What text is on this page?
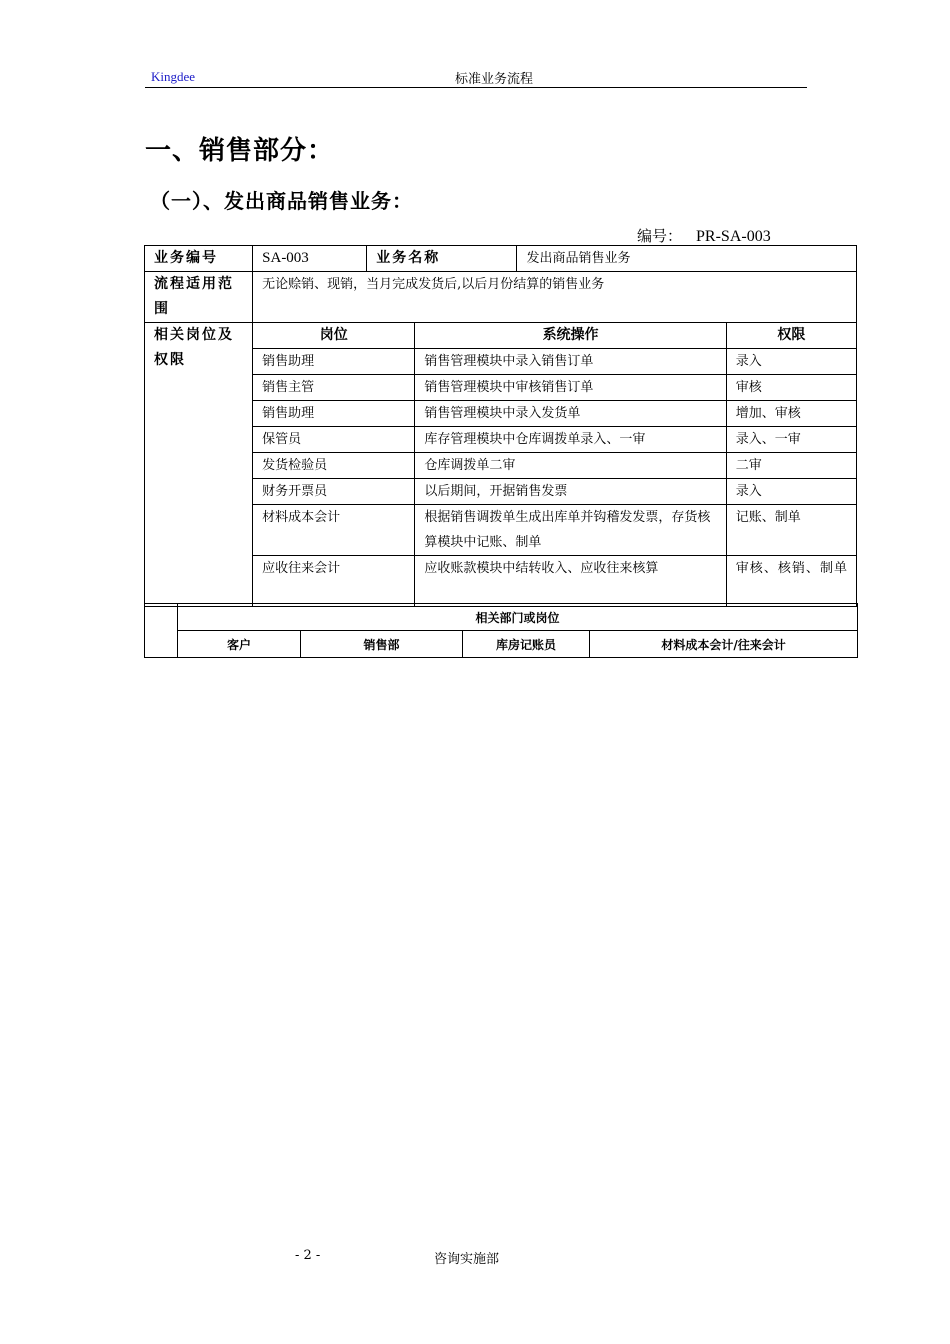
Kingdee	标准业务流程
一、销售部分：
（一）、发出商品销售业务：
编号： PR-SA-003
业务编号	SA-003	业务名称		发出商品销售业务	
流程适用范围	无论赊销、现销，当月完成发货后,以后月份结算的销售业务				
相关岗位及权限	岗位		系统操作		权限
	销售助理		销售管理模块中录入销售订单		录入
	销售主管		销售管理模块中审核销售订单		审核
	销售助理		销售管理模块中录入发货单		增加、审核
	保管员		库存管理模块中仓库调拨单录入、一审		录入、一审
	发货检验员		仓库调拨单二审		二审
	财务开票员		以后期间，开据销售发票		录入
	材料成本会计		根据销售调拨单生成出库单并钩稽发发票，存货核算模块中记账、制单		记账、制单
	应收往来会计		应收账款模块中结转收入、应收往来核算		审核、核销、制单
	相关部门或岗位			
	客户	销售部	库房记账员	材料成本会计/往来会计
- 2 -	咨询实施部
